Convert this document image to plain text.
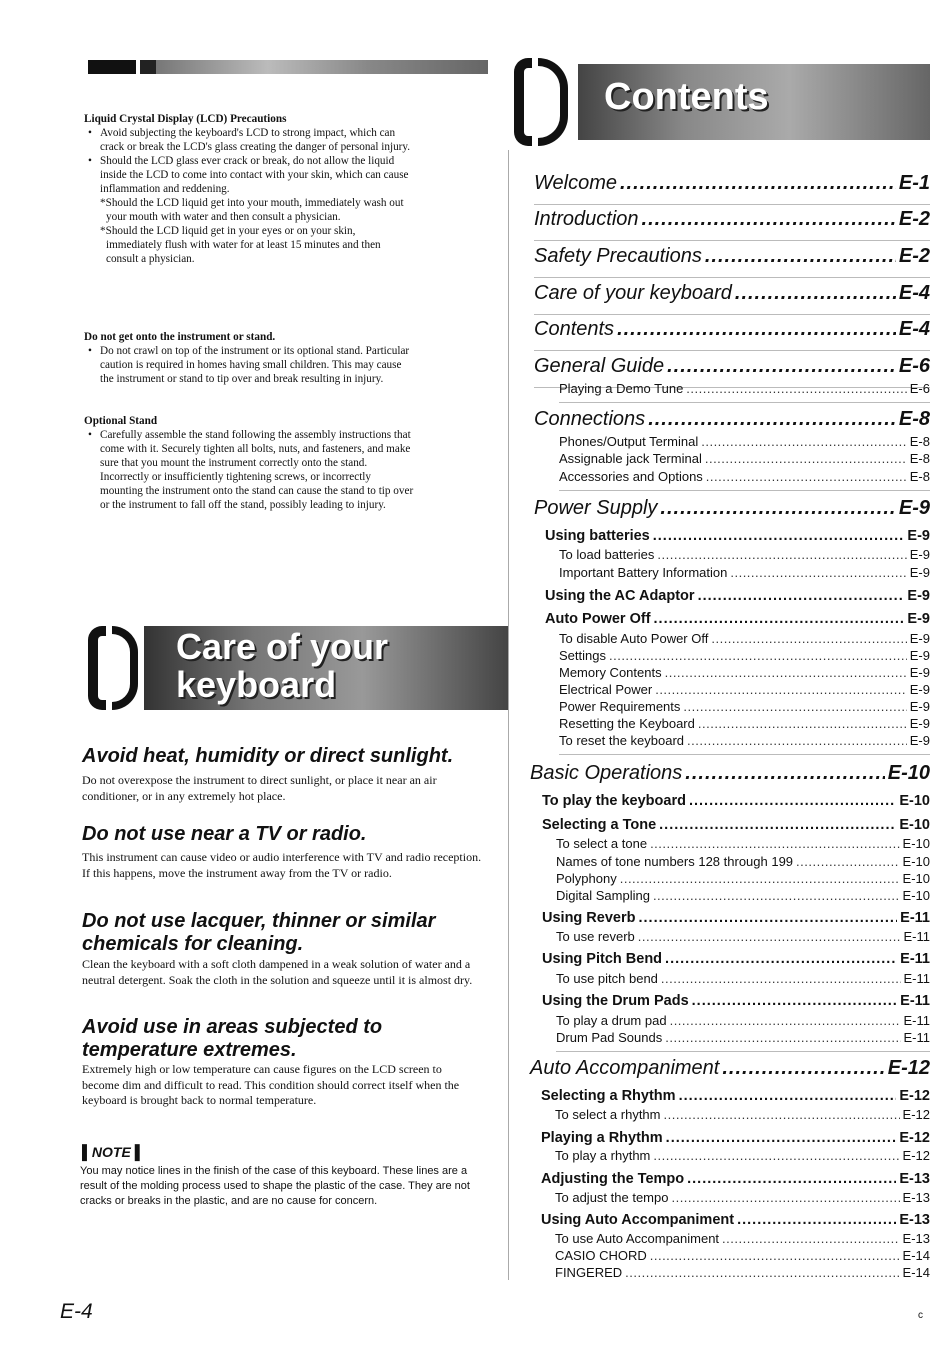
Liquid Crystal Display (LCD) Precautions
• Avoid subjecting the keyboard's LCD to strong impact, which can crack or break the LCD's glass creating the danger of personal injury.
• Should the LCD glass ever crack or break, do not allow the liquid inside the LCD to come into contact with your skin, which can cause inflammation and reddening.
*Should the LCD liquid get into your mouth, immediately wash out your mouth with water and then consult a physician.
*Should the LCD liquid get in your eyes or on your skin, immediately flush with water for at least 15 minutes and then consult a physician.
Do not get onto the instrument or stand.
• Do not crawl on top of the instrument or its optional stand. Particular caution is required in homes having small children. This may cause the instrument or stand to tip over and break resulting in injury.
Optional Stand
• Carefully assemble the stand following the assembly instructions that come with it. Securely tighten all bolts, nuts, and fasteners, and make sure that you mount the instrument correctly onto the stand. Incorrectly or insufficiently tightening screws, or incorrectly mounting the instrument onto the stand can cause the stand to tip over or the instrument to fall off the stand, possibly leading to injury.
Care of your
keyboard
Avoid heat, humidity or direct sunlight.
Do not overexpose the instrument to direct sunlight, or place it near an air conditioner, or in any extremely hot place.
Do not use near a TV or radio.
This instrument can cause video or audio interference with TV and radio reception. If this happens, move the instrument away from the TV or radio.
Do not use lacquer, thinner or similar chemicals for cleaning.
Clean the keyboard with a soft cloth dampened in a weak solution of water and a neutral detergent. Soak the cloth in the solution and squeeze until it is almost dry.
Avoid use in areas subjected to temperature extremes.
Extremely high or low temperature can cause figures on the LCD screen to become dim and difficult to read. This condition should correct itself when the keyboard is brought back to normal temperature.
▌NOTE ▌
You may notice lines in the finish of the case of this keyboard. These lines are a result of the molding process used to shape the plastic of the case. They are not cracks or breaks in the plastic, and are no cause for concern.
E-4
Contents
Welcome .....	E-1
Introduction .....	E-2
Safety Precautions .....	E-2
Care of your keyboard .....	E-4
Contents .....	E-4
General Guide .....	E-6
Playing a Demo Tune .....	E-6
Connections .....	E-8
Phones/Output Terminal .....	E-8
Assignable jack Terminal .....	E-8
Accessories and Options .....	E-8
Power Supply .....	E-9
Using batteries .....	E-9
To load batteries .....	E-9
Important Battery Information .....	E-9
Using the AC Adaptor .....	E-9
Auto Power Off .....	E-9
To disable Auto Power Off .....	E-9
Settings .....	E-9
Memory Contents .....	E-9
Electrical Power .....	E-9
Power Requirements .....	E-9
Resetting the Keyboard .....	E-9
To reset the keyboard .....	E-9
Basic Operations .....	E-10
To play the keyboard .....	E-10
Selecting a Tone .....	E-10
To select a tone .....	E-10
Names of tone numbers 128 through 199 .....	E-10
Polyphony .....	E-10
Digital Sampling .....	E-10
Using Reverb .....	E-11
To use reverb .....	E-11
Using Pitch Bend .....	E-11
To use pitch bend .....	E-11
Using the Drum Pads .....	E-11
To play a drum pad .....	E-11
Drum Pad Sounds .....	E-11
Auto Accompaniment .....	E-12
Selecting a Rhythm .....	E-12
To select a rhythm .....	E-12
Playing a Rhythm .....	E-12
To play a rhythm .....	E-12
Adjusting the Tempo .....	E-13
To adjust the tempo .....	E-13
Using Auto Accompaniment .....	E-13
To use Auto Accompaniment .....	E-13
CASIO CHORD .....	E-14
FINGERED .....	E-14
c
